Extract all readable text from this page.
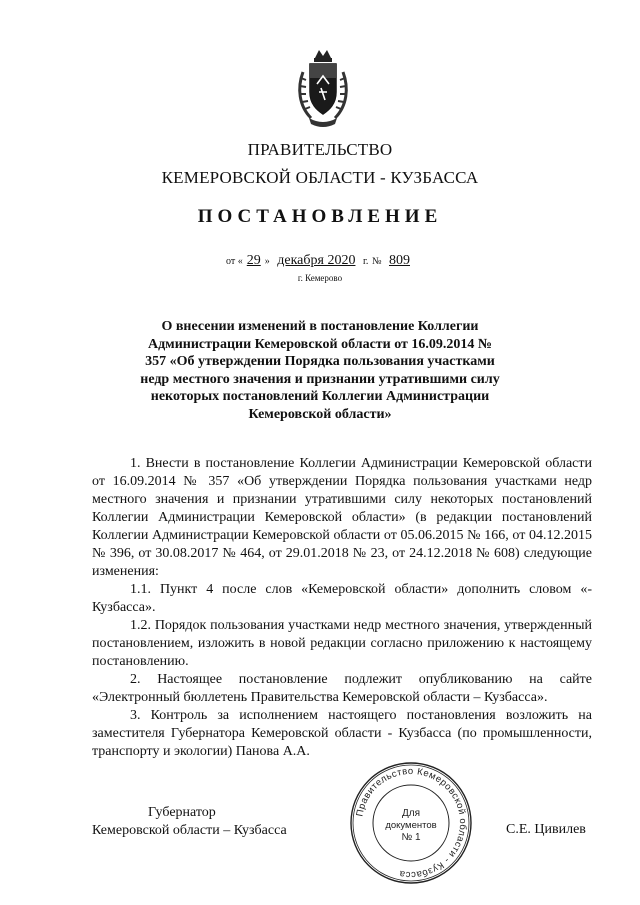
ПРАВИТЕЛЬСТВО
КЕМЕРОВСКОЙ ОБЛАСТИ - КУЗБАССА
ПОСТАНОВЛЕНИЕ
от « 29 » декабря 2020 г. № 809
г. Кемерово
О внесении изменений в постановление Коллегии Администрации Кемеровской области от 16.09.2014 № 357 «Об утверждении Порядка пользования участками недр местного значения и признании утратившими силу некоторых постановлений Коллегии Администрации Кемеровской области»

1. Внести в постановление Коллегии Администрации Кемеровской области от 16.09.2014 № 357 «Об утверждении Порядка пользования участками недр местного значения и признании утратившими силу некоторых постановлений Коллегии Администрации Кемеровской области» (в редакции постановлений Коллегии Администрации Кемеровской области от 05.06.2015 № 166, от 04.12.2015 № 396, от 30.08.2017 № 464, от 29.01.2018 № 23, от 24.12.2018 № 608) следующие изменения:

1.1. Пункт 4 после слов «Кемеровской области» дополнить словом «- Кузбасса».

1.2. Порядок пользования участками недр местного значения, утвержденный постановлением, изложить в новой редакции согласно приложению к настоящему постановлению.

2. Настоящее постановление подлежит опубликованию на сайте «Электронный бюллетень Правительства Кемеровской области – Кузбасса».

3. Контроль за исполнением настоящего постановления возложить на заместителя Губернатора Кемеровской области - Кузбасса (по промышленности, транспорту и экологии) Панова А.А.

Губернатор
Кемеровской области – Кузбасса	С.Е. Цивилев
Правительство Кемеровской области - Кузбасса
Для
документов
№ 1
